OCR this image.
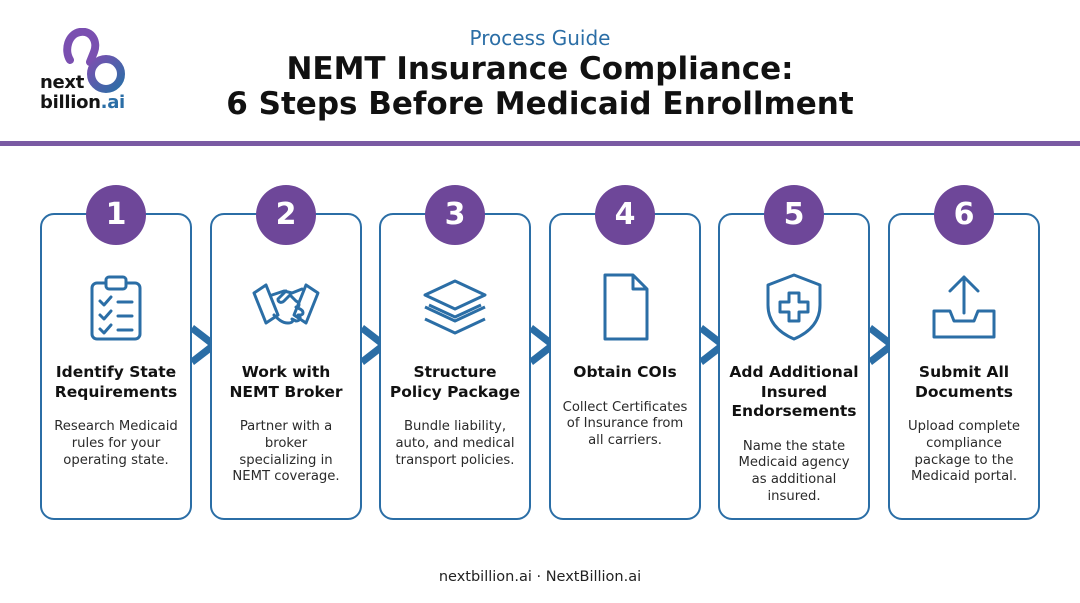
next
billion.ai
Process Guide
NEMT Insurance Compliance:
6 Steps Before Medicaid Enrollment
Identify State
Requirements
Research Medicaid
rules for your
operating state.
1
Work with
NEMT Broker
Partner with a
broker
specializing in
NEMT coverage.
2
Structure
Policy Package
Bundle liability,
auto, and medical
transport policies.
3
Obtain COIs
Collect Certificates
of Insurance from
all carriers.
4
Add Additional
Insured
Endorsements
Name the state
Medicaid agency
as additional
insured.
5
Submit All
Documents
Upload complete
compliance
package to the
Medicaid portal.
6
nextbillion.ai · NextBillion.ai
